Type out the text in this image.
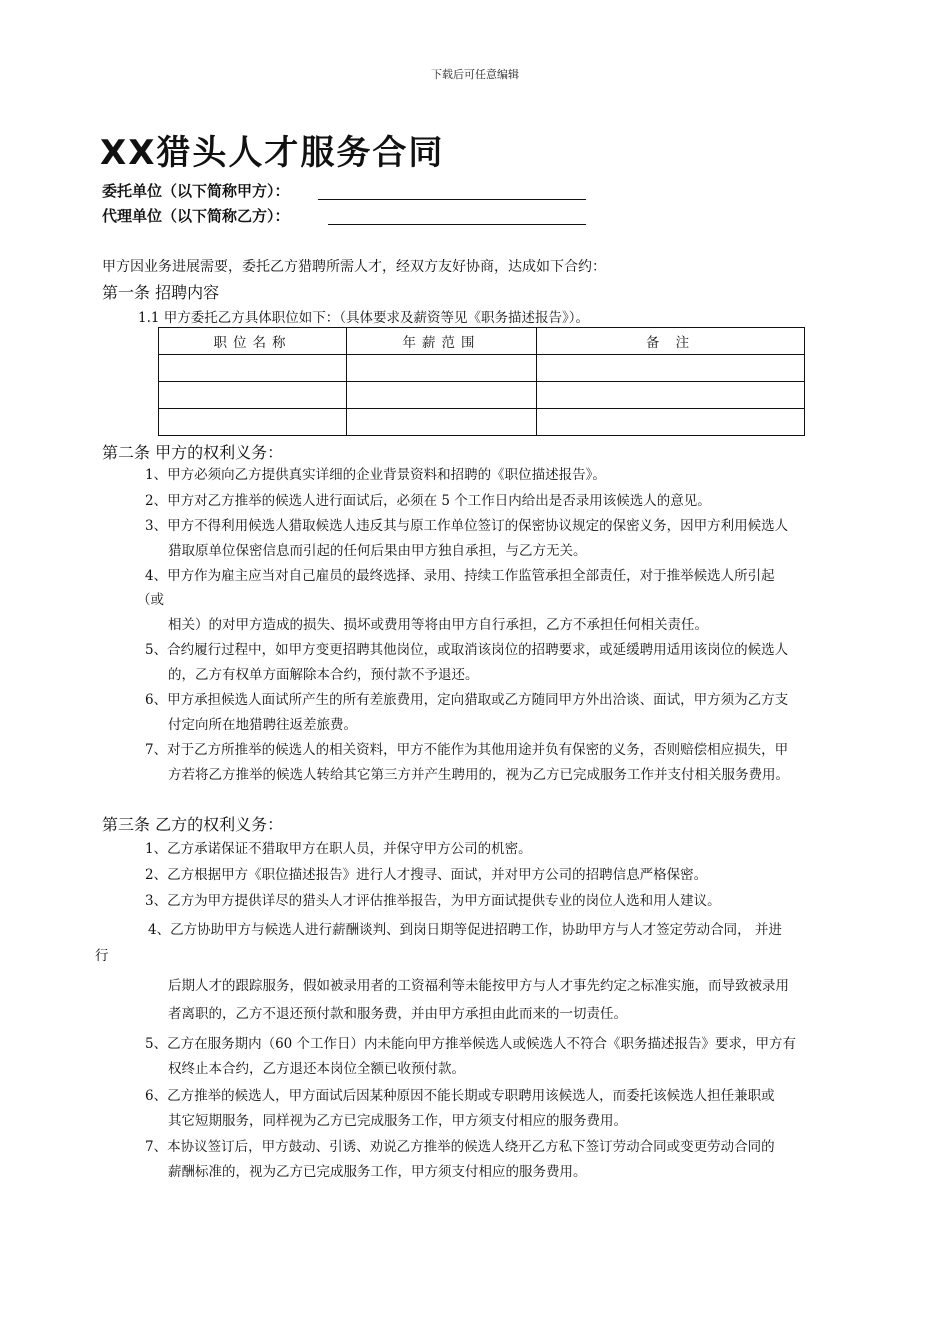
下载后可任意编辑
XX猎头人才服务合同
委托单位（以下简称甲方）：
代理单位（以下简称乙方）：
甲方因业务进展需要，委托乙方猎聘所需人才，经双方友好协商，达成如下合约：
第一条 招聘内容
1.1 甲方委托乙方具体职位如下：（具体要求及薪资等见《职务描述报告》）。
职位名称	年薪范围	备 注

第二条 甲方的权利义务：
1、甲方必须向乙方提供真实详细的企业背景资料和招聘的《职位描述报告》。
2、甲方对乙方推举的候选人进行面试后，必须在 5 个工作日内给出是否录用该候选人的意见。
3、甲方不得利用候选人猎取候选人违反其与原工作单位签订的保密协议规定的保密义务，因甲方利用候选人
猎取原单位保密信息而引起的任何后果由甲方独自承担，与乙方无关。
4、甲方作为雇主应当对自己雇员的最终选择、录用、持续工作监管承担全部责任，对于推举候选人所引起
（或
相关）的对甲方造成的损失、损坏或费用等将由甲方自行承担，乙方不承担任何相关责任。
5、合约履行过程中，如甲方变更招聘其他岗位，或取消该岗位的招聘要求，或延缓聘用适用该岗位的候选人
的，乙方有权单方面解除本合约，预付款不予退还。
6、甲方承担候选人面试所产生的所有差旅费用，定向猎取或乙方随同甲方外出洽谈、面试，甲方须为乙方支
付定向所在地猎聘往返差旅费。
7、对于乙方所推举的候选人的相关资料，甲方不能作为其他用途并负有保密的义务，否则赔偿相应损失，甲
方若将乙方推举的候选人转给其它第三方并产生聘用的，视为乙方已完成服务工作并支付相关服务费用。
第三条 乙方的权利义务：
1、乙方承诺保证不猎取甲方在职人员，并保守甲方公司的机密。
2、乙方根据甲方《职位描述报告》进行人才搜寻、面试，并对甲方公司的招聘信息严格保密。
3、乙方为甲方提供详尽的猎头人才评估推举报告，为甲方面试提供专业的岗位人选和用人建议。
4、乙方协助甲方与候选人进行薪酬谈判、到岗日期等促进招聘工作，协助甲方与人才签定劳动合同， 并进
行
后期人才的跟踪服务，假如被录用者的工资福利等未能按甲方与人才事先约定之标准实施，而导致被录用
者离职的，乙方不退还预付款和服务费，并由甲方承担由此而来的一切责任。
5、乙方在服务期内（60 个工作日）内未能向甲方推举候选人或候选人不符合《职务描述报告》要求，甲方有
权终止本合约，乙方退还本岗位全额已收预付款。
6、乙方推举的候选人，甲方面试后因某种原因不能长期或专职聘用该候选人，而委托该候选人担任兼职或
其它短期服务，同样视为乙方已完成服务工作，甲方须支付相应的服务费用。
7、本协议签订后，甲方鼓动、引诱、劝说乙方推举的候选人绕开乙方私下签订劳动合同或变更劳动合同的
薪酬标准的，视为乙方已完成服务工作，甲方须支付相应的服务费用。
